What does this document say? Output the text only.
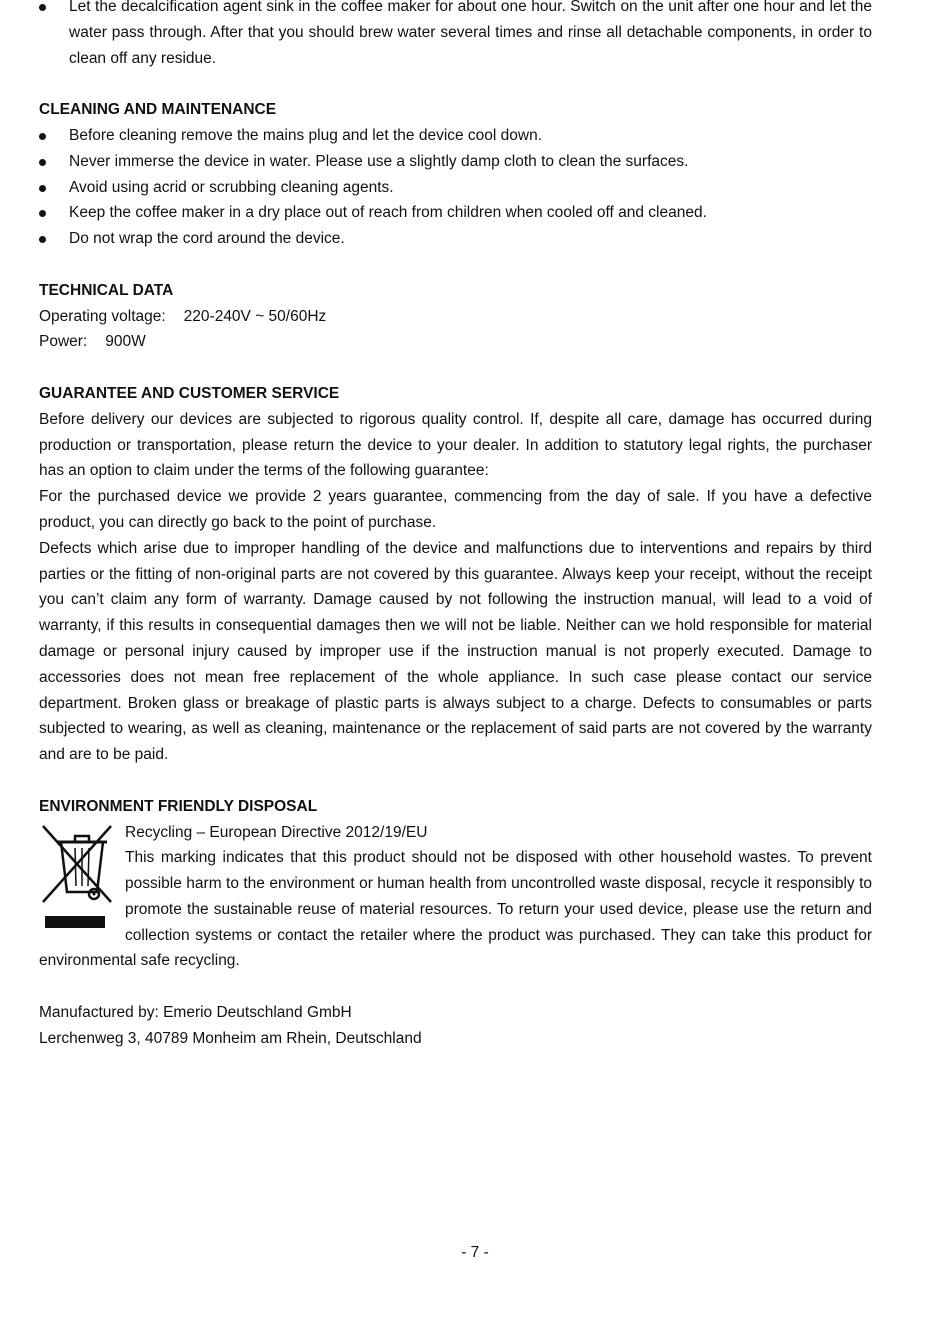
Let the decalcification agent sink in the coffee maker for about one hour. Switch on the unit after one hour and let the water pass through. After that you should brew water several times and rinse all detachable components, in order to clean off any residue.
CLEANING AND MAINTENANCE
Before cleaning remove the mains plug and let the device cool down.
Never immerse the device in water. Please use a slightly damp cloth to clean the surfaces.
Avoid using acrid or scrubbing cleaning agents.
Keep the coffee maker in a dry place out of reach from children when cooled off and cleaned.
Do not wrap the cord around the device.
TECHNICAL DATA
Operating voltage:	220-240V ~ 50/60Hz
Power:	900W
GUARANTEE AND CUSTOMER SERVICE

Before delivery our devices are subjected to rigorous quality control. If, despite all care, damage has occurred during production or transportation, please return the device to your dealer. In addition to statutory legal rights, the purchaser has an option to claim under the terms of the following guarantee:

For the purchased device we provide 2 years guarantee, commencing from the day of sale. If you have a defective product, you can directly go back to the point of purchase.

Defects which arise due to improper handling of the device and malfunctions due to interventions and repairs by third parties or the fitting of non-original parts are not covered by this guarantee. Always keep your receipt, without the receipt you can’t claim any form of warranty. Damage caused by not following the instruction manual, will lead to a void of warranty, if this results in consequential damages then we will not be liable. Neither can we hold responsible for material damage or personal injury caused by improper use if the instruction manual is not properly executed. Damage to accessories does not mean free replacement of the whole appliance. In such case please contact our service department. Broken glass or breakage of plastic parts is always subject to a charge. Defects to consumables or parts subjected to wearing, as well as cleaning, maintenance or the replacement of said parts are not covered by the warranty and are to be paid.

ENVIRONMENT FRIENDLY DISPOSAL
Recycling – European Directive 2012/19/EU

This marking indicates that this product should not be disposed with other household wastes. To prevent possible harm to the environment or human health from uncontrolled waste disposal, recycle it responsibly to promote the sustainable reuse of material resources. To return your used device, please use the return and collection systems or contact the retailer where the product was purchased. They can take this product for environmental safe recycling.

Manufactured by: Emerio Deutschland GmbH
Lerchenweg 3, 40789 Monheim am Rhein, Deutschland
- 7 -
